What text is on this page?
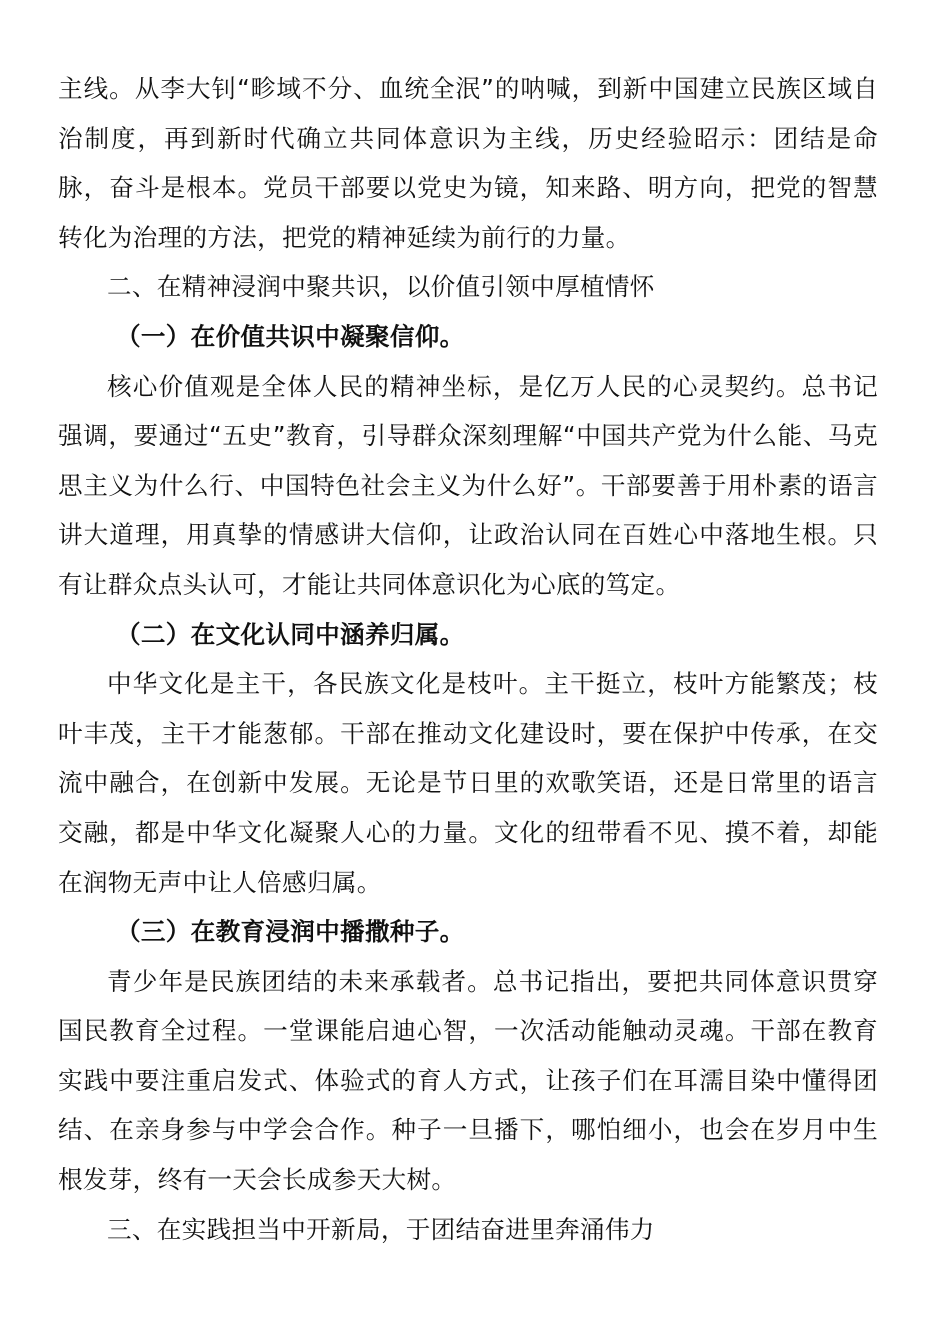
主线。从李大钊“畛域不分、血统全泯”的呐喊，到新中国建立民族区域自治制度，再到新时代确立共同体意识为主线，历史经验昭示：团结是命脉，奋斗是根本。党员干部要以党史为镜，知来路、明方向，把党的智慧转化为治理的方法，把党的精神延续为前行的力量。

二、在精神浸润中聚共识，以价值引领中厚植情怀

（一）在价值共识中凝聚信仰。

核心价值观是全体人民的精神坐标，是亿万人民的心灵契约。总书记强调，要通过“五史”教育，引导群众深刻理解“中国共产党为什么能、马克思主义为什么行、中国特色社会主义为什么好”。干部要善于用朴素的语言讲大道理，用真挚的情感讲大信仰，让政治认同在百姓心中落地生根。只有让群众点头认可，才能让共同体意识化为心底的笃定。

（二）在文化认同中涵养归属。

中华文化是主干，各民族文化是枝叶。主干挺立，枝叶方能繁茂；枝叶丰茂，主干才能葱郁。干部在推动文化建设时，要在保护中传承，在交流中融合，在创新中发展。无论是节日里的欢歌笑语，还是日常里的语言交融，都是中华文化凝聚人心的力量。文化的纽带看不见、摸不着，却能在润物无声中让人倍感归属。

（三）在教育浸润中播撒种子。

青少年是民族团结的未来承载者。总书记指出，要把共同体意识贯穿国民教育全过程。一堂课能启迪心智，一次活动能触动灵魂。干部在教育实践中要注重启发式、体验式的育人方式，让孩子们在耳濡目染中懂得团结、在亲身参与中学会合作。种子一旦播下，哪怕细小，也会在岁月中生根发芽，终有一天会长成参天大树。

三、在实践担当中开新局，于团结奋进里奔涌伟力
